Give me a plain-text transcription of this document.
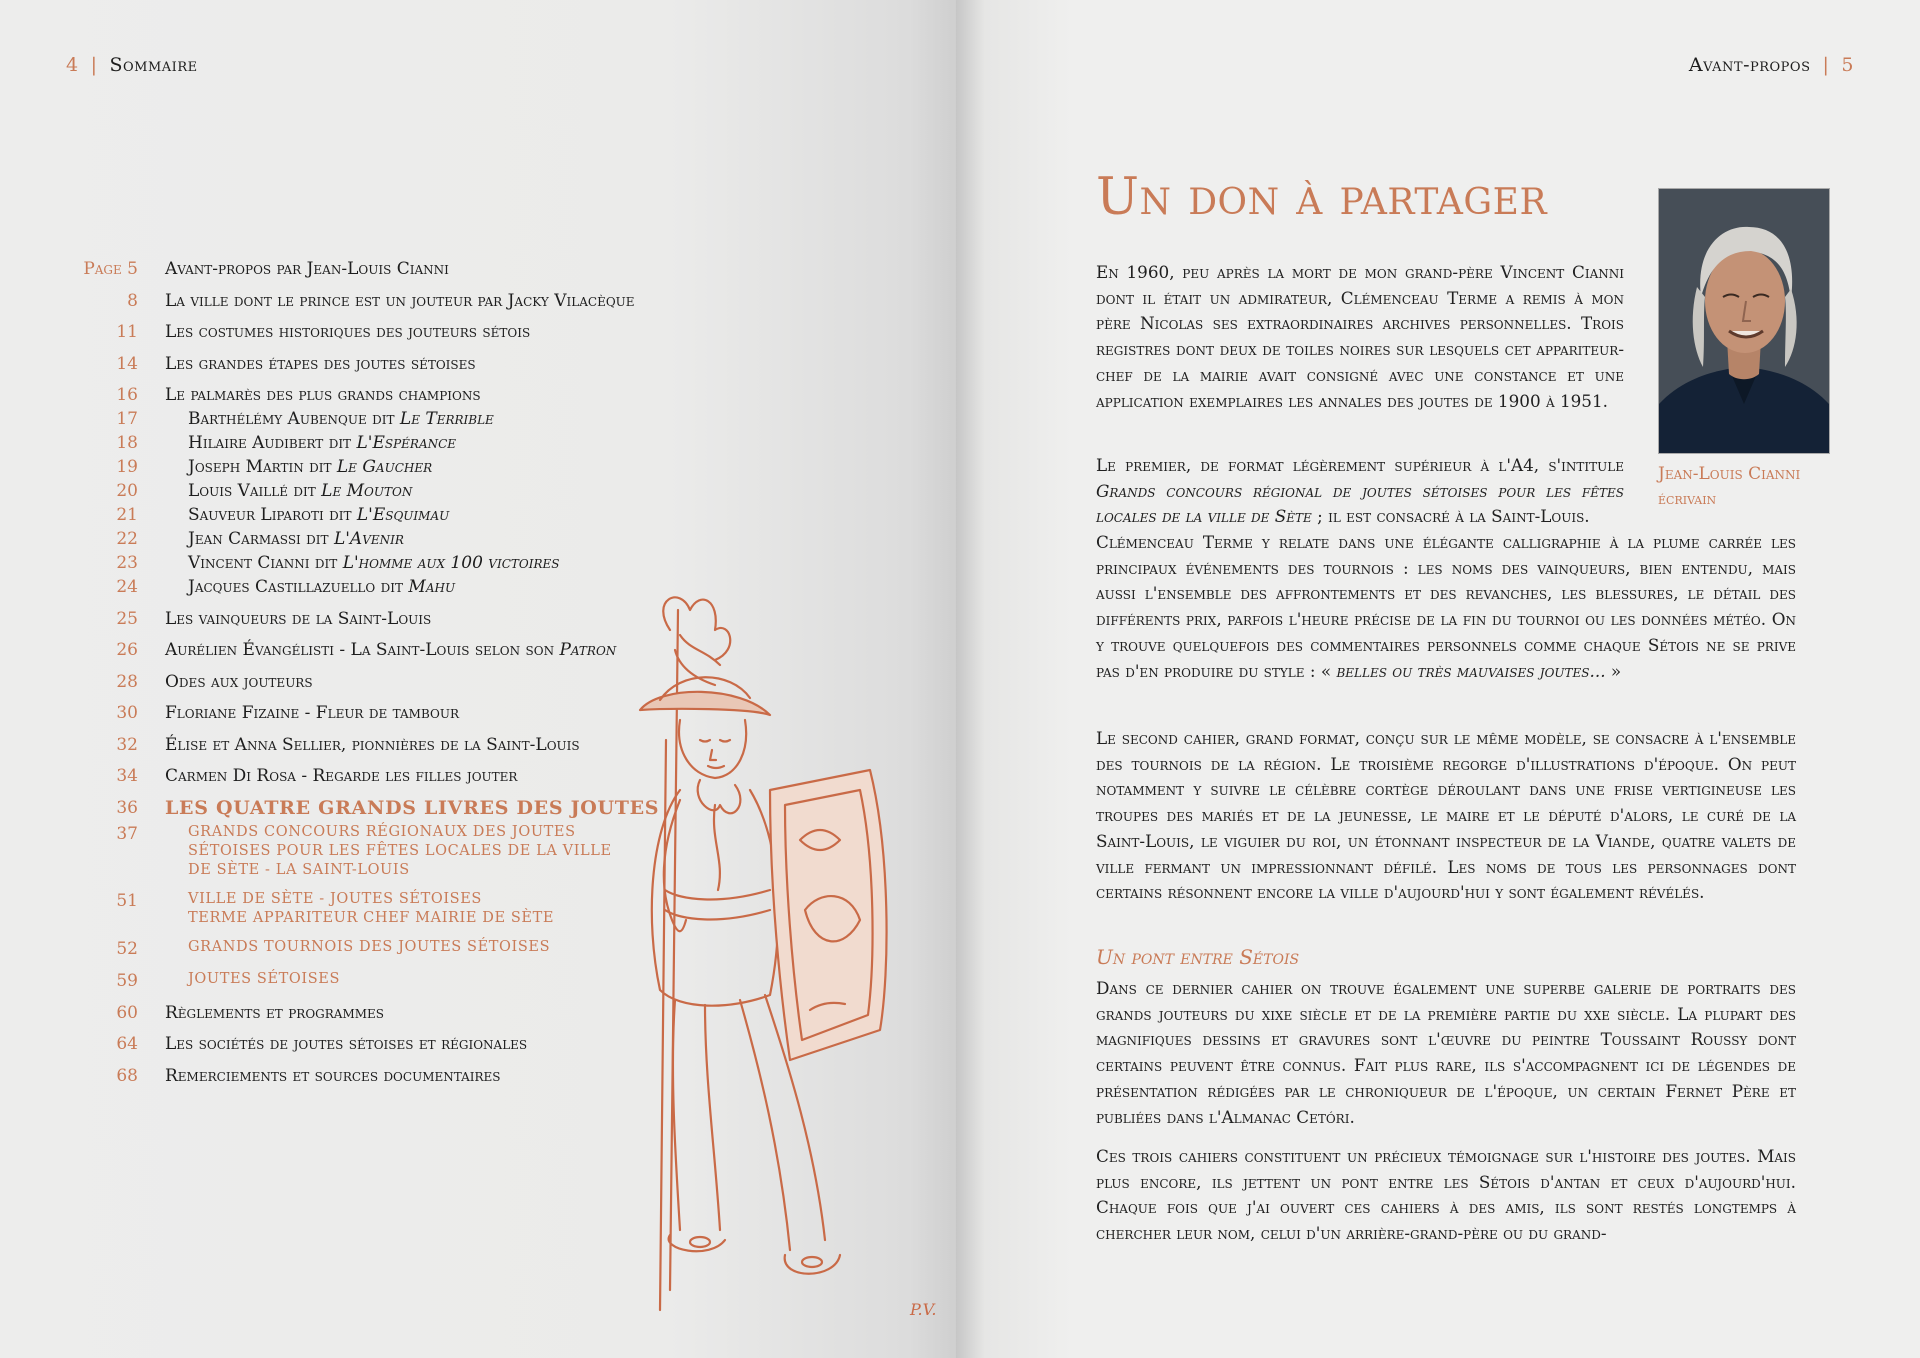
4 | Sommaire
Page 5 Avant-propos par Jean-Louis Cianni
8 La ville dont le prince est un jouteur par Jacky Vilacèque
11 Les costumes historiques des jouteurs sétois
14 Les grandes étapes des joutes sétoises
16 Le palmarès des plus grands champions
17	Barthélémy Aubenque dit Le Terrible
18	Hilaire Audibert dit L'Espérance
19	Joseph Martin dit Le Gaucher
20	Louis Vaillé dit Le Mouton
21	Sauveur Liparoti dit L'Esquimau
22	Jean Carmassi dit L'Avenir
23	Vincent Cianni dit L'homme aux 100 victoires
24	Jacques Castillazuello dit Mahu
25 Les vainqueurs de la Saint-Louis
26 Aurélien Évangélisti - La Saint-Louis selon son Patron
28 Odes aux jouteurs
30 Floriane Fizaine - Fleur de tambour
32 Élise et Anna Sellier, pionnières de la Saint-Louis
34 Carmen Di Rosa - Regarde les filles jouter
36 LES QUATRE GRANDS LIVRES DES JOUTES
37	GRANDS CONCOURS RÉGIONAUX DES JOUTES
SÉTOISES POUR LES FÊTES LOCALES DE LA VILLE
DE SÈTE - LA SAINT-LOUIS
51	VILLE DE SÈTE - JOUTES SÉTOISES
TERME APPARITEUR CHEF MAIRIE DE SÈTE
52	GRANDS TOURNOIS DES JOUTES SÉTOISES
59	JOUTES SÉTOISES
60 Règlements et programmes
64 Les sociétés de joutes sétoises et régionales
68 Remerciements et sources documentaires
P.V.
Avant-propos | 5
Un don à partager
Jean-Louis Cianni
écrivain

En 1960, peu après la mort de mon grand-père Vincent Cianni dont il était un admirateur, Clémenceau Terme a remis à mon père Nicolas ses extraordinaires archives personnelles. Trois registres dont deux de toiles noires sur lesquels cet appariteur-chef de la mairie avait consigné avec une constance et une application exemplaires les annales des joutes de 1900 à 1951.

Le premier, de format légèrement supérieur à l'A4, s'intitule Grands concours régional de joutes sétoises pour les fêtes locales de la ville de Sète ; il est consacré à la Saint-Louis.

Clémenceau Terme y relate dans une élégante calligraphie à la plume carrée les principaux événements des tournois : les noms des vainqueurs, bien entendu, mais aussi l'ensemble des affrontements et des revanches, les blessures, le détail des différents prix, parfois l'heure précise de la fin du tournoi ou les données météo. On y trouve quelquefois des commentaires personnels comme chaque Sétois ne se prive pas d'en produire du style : « belles ou très mauvaises joutes... »

Le second cahier, grand format, conçu sur le même modèle, se consacre à l'ensemble des tournois de la région. Le troisième regorge d'illustrations d'époque. On peut notamment y suivre le célèbre cortège déroulant dans une frise vertigineuse les troupes des mariés et de la jeunesse, le maire et le député d'alors, le curé de la Saint-Louis, le viguier du roi, un étonnant inspecteur de la Viande, quatre valets de ville fermant un impressionnant défilé. Les noms de tous les personnages dont certains résonnent encore la ville d'aujourd'hui y sont également révélés.

Un pont entre Sétois

Dans ce dernier cahier on trouve également une superbe galerie de portraits des grands jouteurs du xixe siècle et de la première partie du xxe siècle. La plupart des magnifiques dessins et gravures sont l'œuvre du peintre Toussaint Roussy dont certains peuvent être connus. Fait plus rare, ils s'accompagnent ici de légendes de présentation rédigées par le chroniqueur de l'époque, un certain Fernet Père et publiées dans l'Almanac Cetóri.

Ces trois cahiers constituent un précieux témoignage sur l'histoire des joutes. Mais plus encore, ils jettent un pont entre les Sétois d'antan et ceux d'aujourd'hui. Chaque fois que j'ai ouvert ces cahiers à des amis, ils sont restés longtemps à chercher leur nom, celui d'un arrière-grand-père ou du grand-
